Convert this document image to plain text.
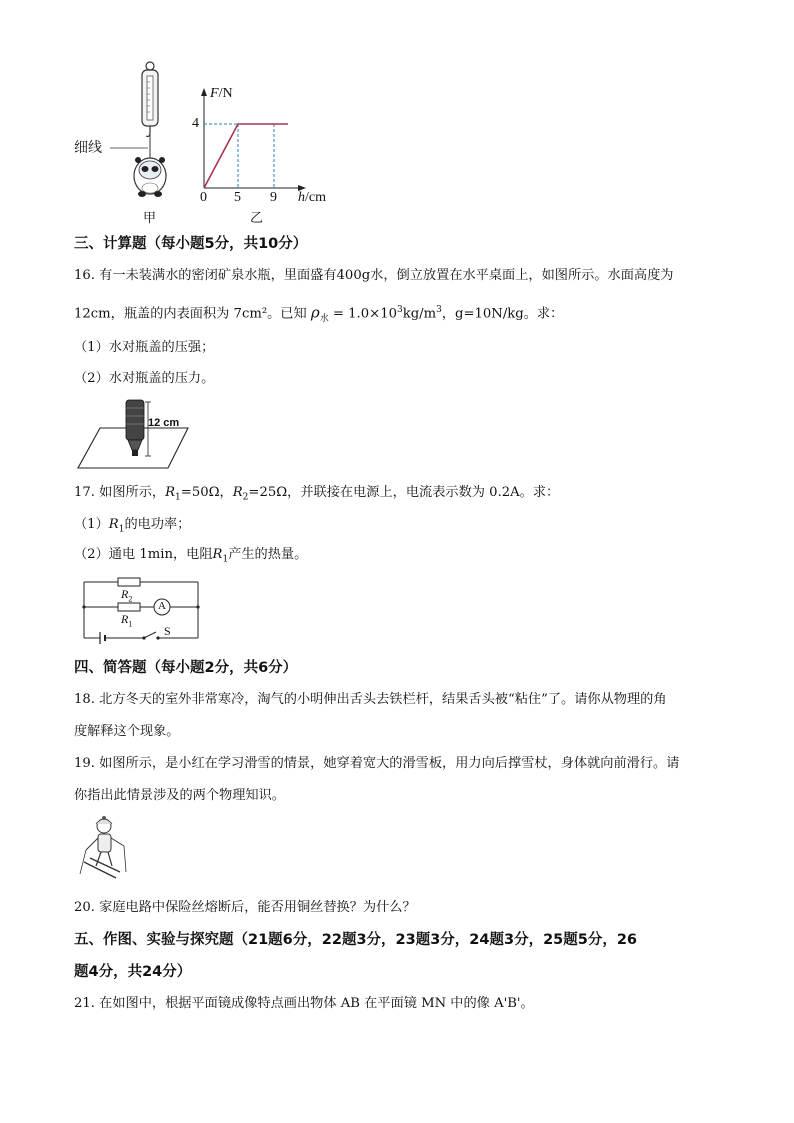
细线
甲
F/N
4
0 5 9 h/cm
乙
三、计算题（每小题5分，共10分）
16. 有一未装满水的密闭矿泉水瓶，里面盛有400g水，倒立放置在水平桌面上，如图所示。水面高度为
12cm，瓶盖的内表面积为 7cm²。已知 $\rho_水 = 1.0\times 10^3kg/m^3$，g=10N/kg。求：
（1）水对瓶盖的压强；
（2）水对瓶盖的压力。
12 cm
17. 如图所示，$R_1=50\Omega$，$R_2=25\Omega$，并联接在电源上，电流表示数为 0.2A。求：
$(1)R_1$的电功率；
（2）通电 1min，电阻$R_1$产生的热量。
$R_2$
A
$R_1$
S
四、简答题（每小题2分，共6分）
18. 北方冬天的室外非常寒冷，淘气的小明伸出舌头去铁栏杆，结果舌头被“粘住”了。请你从物理的角
度解释这个现象。
19. 如图所示，是小红在学习滑雪的情景，她穿着宽大的滑雪板，用力向后撑雪杖，身体就向前滑行。请
你指出此情景涉及的两个物理知识。
20. 家庭电路中保险丝熔断后，能否用铜丝替换？为什么？
五、作图、实验与探究题（21题6分，22题3分，23题3分，24题3分，25题5分，26
题4分，共24分）
21. 在如图中，根据平面镜成像特点画出物体 AB 在平面镜 MN 中的像 A'B'。
